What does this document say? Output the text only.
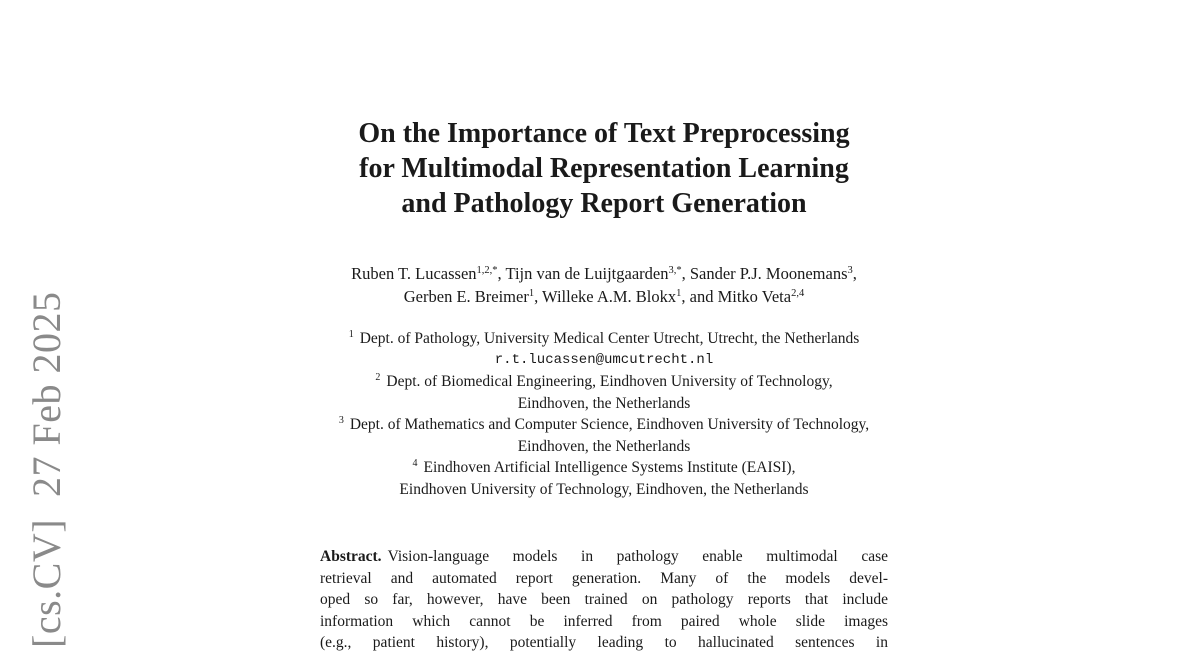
[cs.CV]27 Feb 2025
On the Importance of Text Preprocessing
for Multimodal Representation Learning
and Pathology Report Generation
Ruben T. Lucassen$^{1,2,*}$, Tijn van de Luijtgaarden$^{3,*}$, Sander P.J. Moonemans$^3$,
Gerben E. Breimer$^1$, Willeke A.M. Blokx$^1$, and Mitko Veta$^{2,4}$
$^1$ Dept. of Pathology, University Medical Center Utrecht, Utrecht, the Netherlands
r.t.lucassen@umcutrecht.nl
$^2$ Dept. of Biomedical Engineering, Eindhoven University of Technology,
Eindhoven, the Netherlands
$^3$ Dept. of Mathematics and Computer Science, Eindhoven University of Technology,
Eindhoven, the Netherlands
$^4$ Eindhoven Artificial Intelligence Systems Institute (EAISI),
Eindhoven University of Technology, Eindhoven, the Netherlands
Abstract. Vision-language models in pathology enable multimodal case
retrieval and automated report generation. Many of the models devel-
oped so far, however, have been trained on pathology reports that include
information which cannot be inferred from paired whole slide images
(e.g., patient history), potentially leading to hallucinated sentences in
